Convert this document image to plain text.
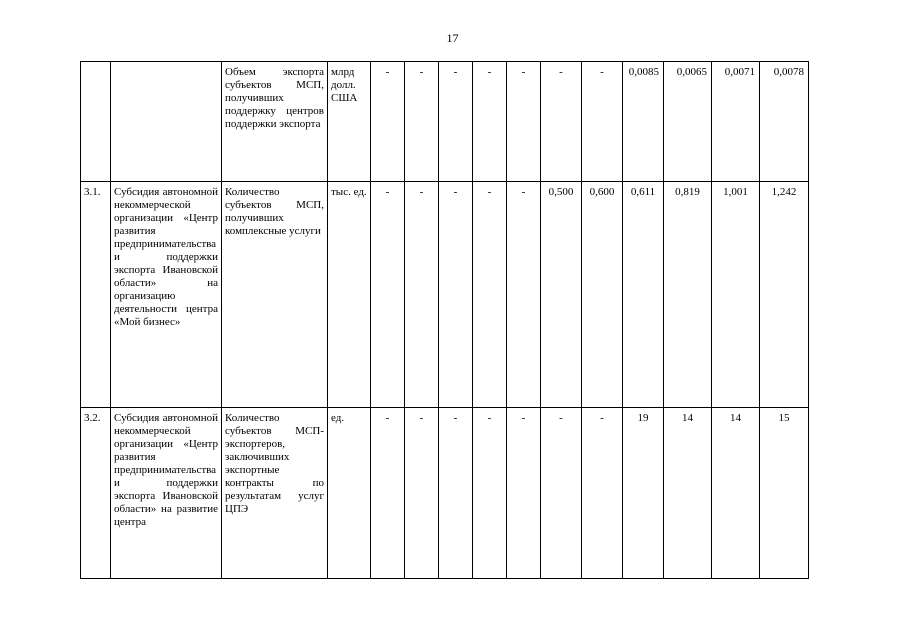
17
		Объем экспорта субъектов МСП, получивших поддержку центров поддержки экспорта	млрд долл. США	-	-	-	-	-	-	-	0,0085	0,0065	0,0071	0,0078
3.1.	Субсидия автономной некоммерческой организации «Центр развития предпринимательства и поддержки экспорта Ивановской области» на организацию деятельности центра «Мой бизнес»	Количество субъектов МСП, получивших комплексные услуги	тыс. ед.	-	-	-	-	-	0,500	0,600	0,611	0,819	1,001	1,242
3.2.	Субсидия автономной некоммерческой организации «Центр развития предпринимательства и поддержки экспорта Ивановской области» на развитие центра	Количество субъектов МСП-экспортеров, заключивших экспортные контракты по результатам услуг ЦПЭ	ед.	-	-	-	-	-	-	-	19	14	14	15
